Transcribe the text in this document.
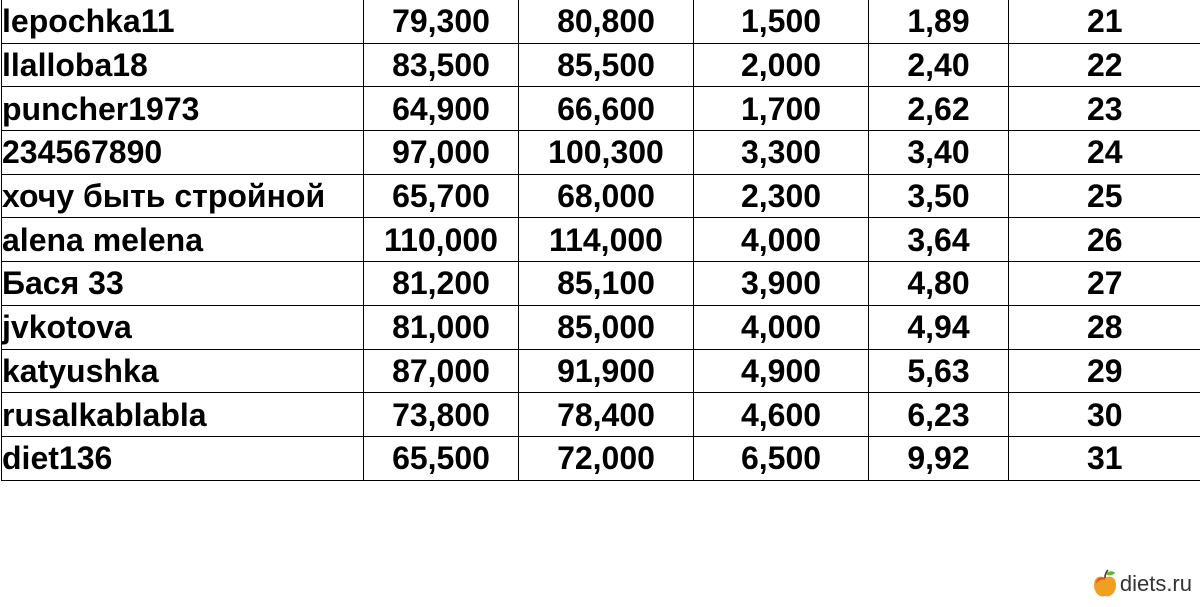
lepochka11	79,300	80,800	1,500	1,89	21
llalloba18	83,500	85,500	2,000	2,40	22
puncher1973	64,900	66,600	1,700	2,62	23
234567890	97,000	100,300	3,300	3,40	24
хочу быть стройной	65,700	68,000	2,300	3,50	25
alena melena	110,000	114,000	4,000	3,64	26
Бася 33	81,200	85,100	3,900	4,80	27
jvkotova	81,000	85,000	4,000	4,94	28
katyushka	87,000	91,900	4,900	5,63	29
rusalkablabla	73,800	78,400	4,600	6,23	30
diet136	65,500	72,000	6,500	9,92	31
diets.ru
